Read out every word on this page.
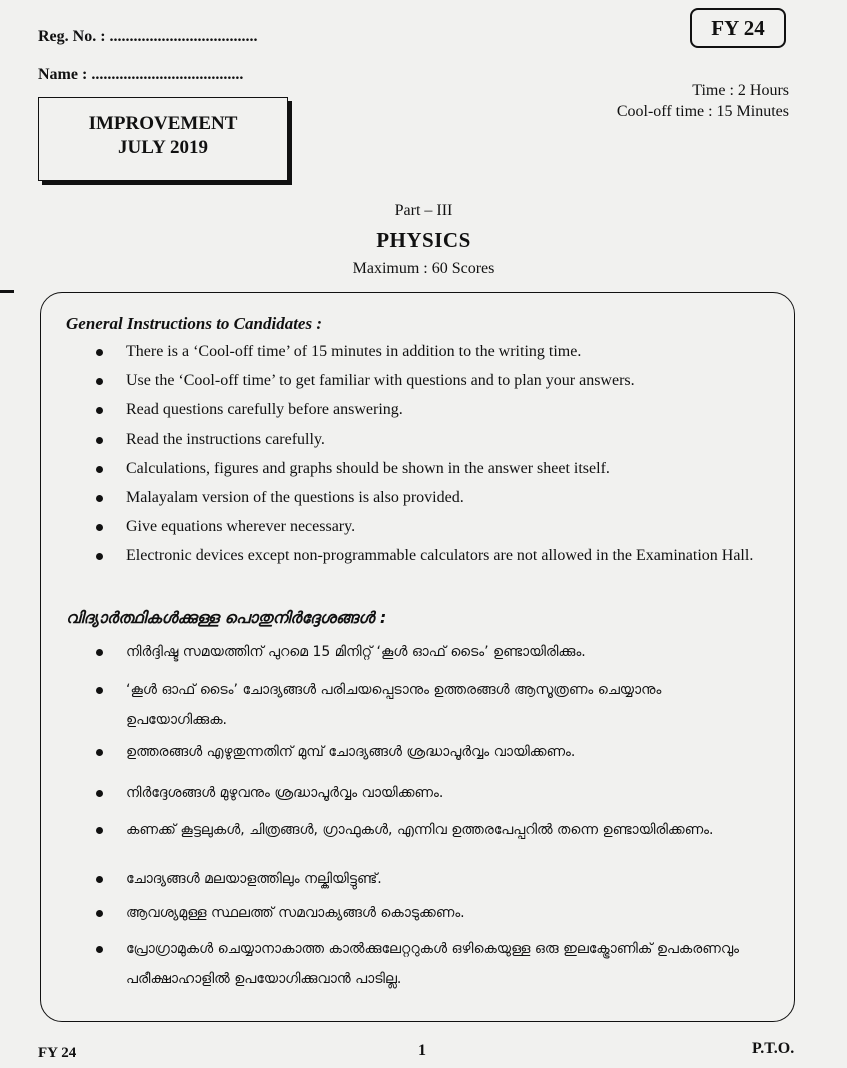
Reg. No. : .....................................
Name : ......................................
FY 24
Time : 2 Hours
Cool-off time : 15 Minutes
IMPROVEMENT
JULY 2019
Part – III
PHYSICS
Maximum : 60 Scores
General Instructions to Candidates :
There is a ‘Cool-off time’ of 15 minutes in addition to the writing time.
Use the ‘Cool-off time’ to get familiar with questions and to plan your answers.
Read questions carefully before answering.
Read the instructions carefully.
Calculations, figures and graphs should be shown in the answer sheet itself.
Malayalam version of the questions is also provided.
Give equations wherever necessary.
Electronic devices except non-programmable calculators are not allowed in the Examination Hall.
വിദ്യാർത്ഥികൾക്കുള്ള പൊതുനിർദ്ദേശങ്ങൾ :
നിർദ്ദിഷ്ട സമയത്തിന് പുറമെ 15 മിനിറ്റ് ‘കൂൾ ഓഫ് ടൈം’ ഉണ്ടായിരിക്കും.
‘കൂൾ ഓഫ് ടൈം’ ചോദ്യങ്ങൾ പരിചയപ്പെടാനും ഉത്തരങ്ങൾ ആസൂത്രണം ചെയ്യാനും ഉപയോഗിക്കുക.
ഉത്തരങ്ങൾ എഴുതുന്നതിന് മുമ്പ് ചോദ്യങ്ങൾ ശ്രദ്ധാപൂർവ്വം വായിക്കണം.
നിർദ്ദേശങ്ങൾ മുഴുവനും ശ്രദ്ധാപൂർവ്വം വായിക്കണം.
കണക്ക് കൂട്ടലുകൾ, ചിത്രങ്ങൾ, ഗ്രാഫുകൾ, എന്നിവ ഉത്തരപേപ്പറിൽ തന്നെ ഉണ്ടായിരിക്കണം.
ചോദ്യങ്ങൾ മലയാളത്തിലും നല്കിയിട്ടുണ്ട്.
ആവശ്യമുള്ള സ്ഥലത്ത് സമവാക്യങ്ങൾ കൊടുക്കണം.
പ്രോഗ്രാമുകൾ ചെയ്യാനാകാത്ത കാൽക്കുലേറ്ററുകൾ ഒഴികെയുള്ള ഒരു ഇലക്ട്രോണിക് ഉപകരണവും പരീക്ഷാഹാളിൽ ഉപയോഗിക്കുവാൻ പാടില്ല.
FY 24	1	P.T.O.
